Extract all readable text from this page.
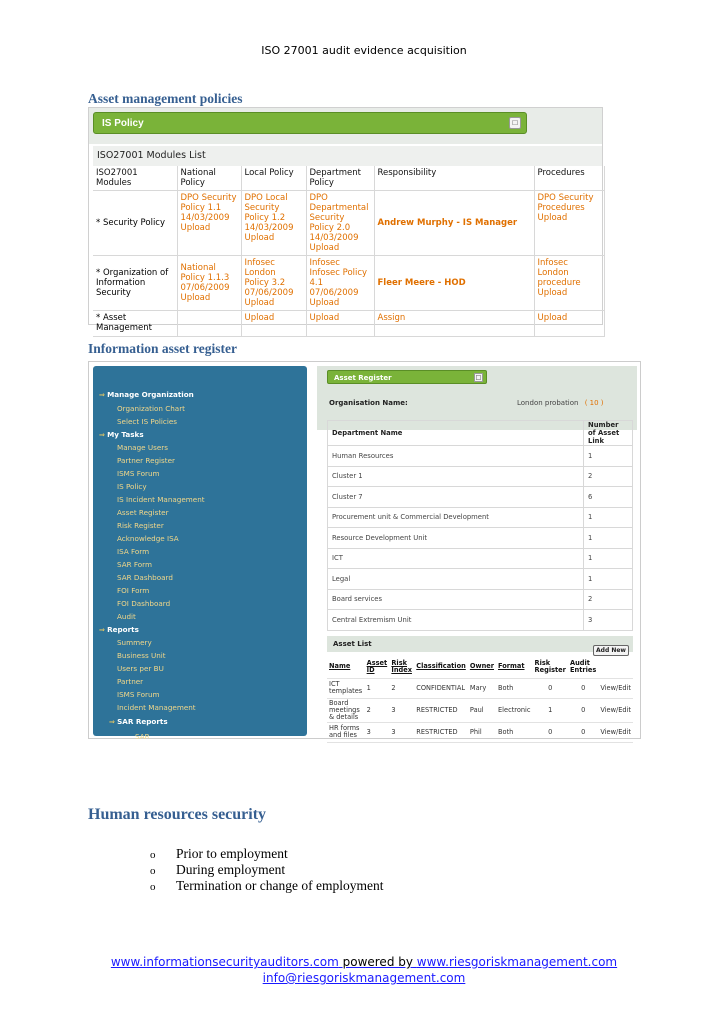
ISO 27001 audit evidence acquisition
Asset management policies
IS Policy	□
ISO27001 Modules List
ISO27001 Modules	National Policy	Local Policy	Department Policy	Responsibility	Procedures
* Security Policy	DPO Security Policy 1.1 14/03/2009 Upload	DPO Local Security Policy 1.2 14/03/2009 Upload	DPO Departmental Security Policy 2.0 14/03/2009 Upload	Andrew Murphy - IS Manager	DPO Security Procedures Upload
* Organization of Information Security	National Policy 1.1.3 07/06/2009 Upload	Infosec London Policy 3.2 07/06/2009 Upload	Infosec Infosec Policy 4.1 07/06/2009 Upload	Fleer Meere - HOD	Infosec London procedure Upload
* Asset Management		Upload	Upload	Assign	Upload
Information asset register
⇒ Manage Organization
Organization Chart
Select IS Policies
⇒ My Tasks
Manage Users
Partner Register
ISMS Forum
IS Policy
IS Incident Management
Asset Register
Risk Register
Acknowledge ISA
ISA Form
SAR Form
SAR Dashboard
FOI Form
FOI Dashboard
Audit
⇒ Reports
Summery
Business Unit
Users per BU
Partner
ISMS Forum
Incident Management
⇒ SAR Reports
SAR
Asset Register	□
Organisation Name:	London probation ( 10 )
Department Name	Number of Asset Link
Human Resources	1
Cluster 1	2
Cluster 7	6
Procurement unit & Commercial Development	1
Resource Development Unit	1
ICT	1
Legal	1
Board services	2
Central Extremism Unit	3
Asset List
Add New
Name	Asset ID	Risk Index	Classification	Owner	Format	Risk Register	Audit Entries	
ICT templates	1	2	CONFIDENTIAL	Mary	Both	0	0	View/Edit
Board meetings & details	2	3	RESTRICTED	Paul	Electronic	1	0	View/Edit
HR forms and files	3	3	RESTRICTED	Phil	Both	0	0	View/Edit
Human resources security
o Prior to employment
o During employment
o Termination or change of employment
www.informationsecurityauditors.com powered by www.riesgoriskmanagement.com
info@riesgoriskmanagement.com
